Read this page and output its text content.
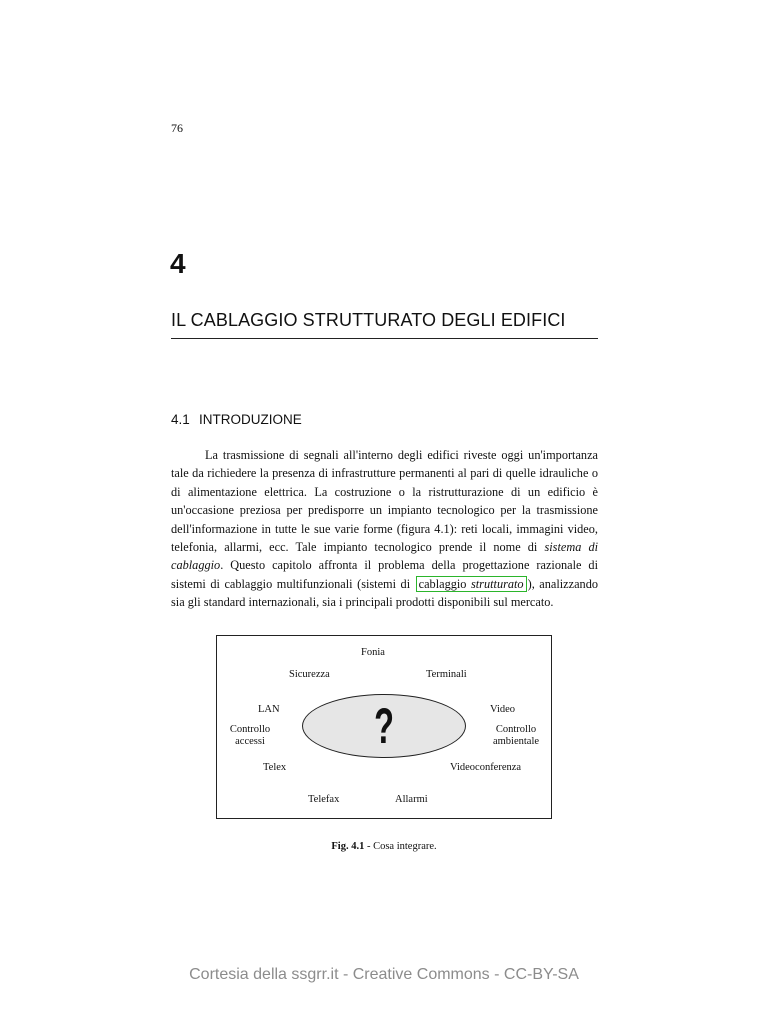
76
4
IL CABLAGGIO STRUTTURATO DEGLI EDIFICI
4.1 INTRODUZIONE
La trasmissione di segnali all'interno degli edifici riveste oggi un'importanza tale da richiedere la presenza di infrastrutture permanenti al pari di quelle idrauliche o di alimentazione elettrica. La costruzione o la ristrutturazione di un edificio è un'occasione preziosa per predisporre un impianto tecnologico per la trasmissione dell'informazione in tutte le sue varie forme (figura 4.1): reti locali, immagini video, telefonia, allarmi, ecc. Tale impianto tecnologico prende il nome di sistema di cablaggio. Questo capitolo affronta il problema della progettazione razionale di sistemi di cablaggio multifunzionali (sistemi di cablaggio strutturato ), analizzando sia gli standard internazionali, sia i principali prodotti disponibili sul mercato.
Fonia
Sicurezza	Terminali
LAN	Video
Controllo
accessi
Controllo
ambientale
Telex	Videoconferenza
Telefax	Allarmi
?
Fig. 4.1 - Cosa integrare.
Cortesia della ssgrr.it - Creative Commons - CC-BY-SA
